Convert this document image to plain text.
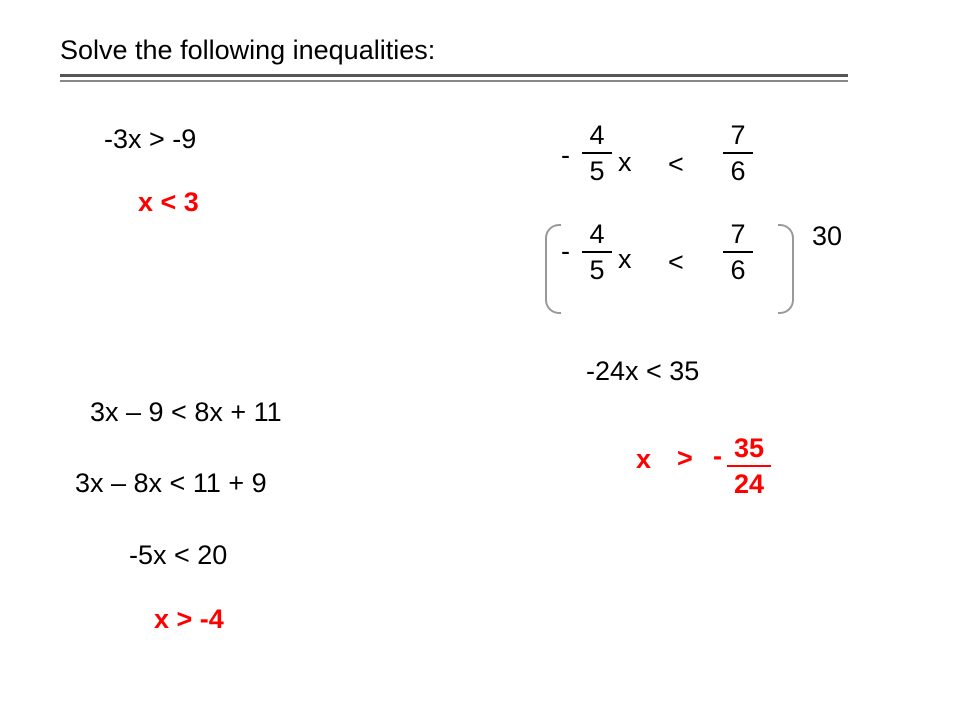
Solve the following inequalities:
-3x > -9
x < 3
3x – 9 < 8x + 11
3x – 8x < 11 + 9
-5x < 20
x > -4
-
4
5 x <
7
6
-
4
5 x <
7
6
30
-24x < 35
x > - 35
24
